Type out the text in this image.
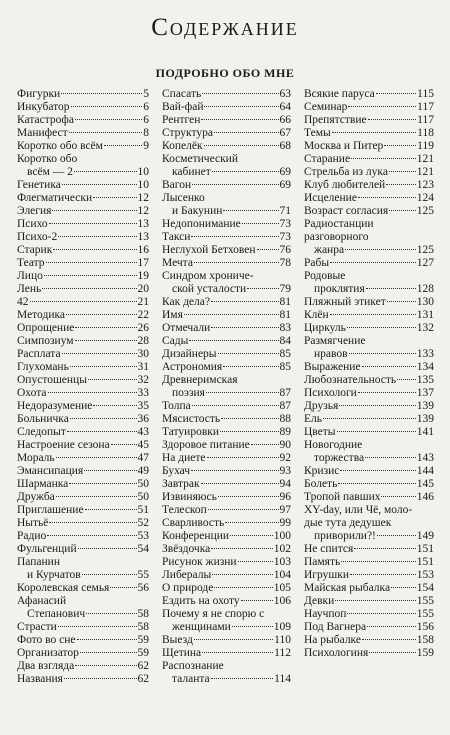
Содержание
ПОДРОБНО ОБО МНЕ
Фигурки	5
Инкубатор	6
Катастрофа	6
Манифест	8
Коротко обо всём	9
Коротко обо
всём — 2	10
Генетика	10
Флегматически	12
Элегия	12
Психо	13
Психо-2	13
Старик	16
Театр	17
Лицо	19
Лень	20
42	21
Методика	22
Опрощение	26
Симпозиум	28
Расплата	30
Глухомань	31
Опустошенцы	32
Охота	33
Недоразумение	35
Больничка	36
Следопыт	43
Настроение сезона 45
Мораль	47
Эмансипация	49
Шарманка	50
Дружба	50
Приглашение	51
Нытьё	52
Радио	53
Фульгенций	54
Папанин
и Курчатов	55
Королевская семья 56
Афанасий
Степанович	58
Страсти	58
Фото во сне	59
Организатор	59
Два взгляда	62
Названия	62
Спасать	63
Вай-фай	64
Рентген	66
Структура	67
Копелёк	68
Косметический
кабинет	69
Вагон	69
Лысенко
и Бакунин	71
Недопонимание	73
Такси	73
Неглухой Бетховен 76
Мечта	78
Синдром хрониче-
ской усталости	79
Как дела?	81
Имя	81
Отмечали	83
Сады	84
Дизайнеры	85
Астрономия	85
Древнеримская
поэзия	87
Толпа	87
Мясистость	88
Татуировки	89
Здоровое питание	90
На диете	92
Бухач	93
Завтрак	94
Извиняюсь	96
Телескоп	97
Сварливость	99
Конференции	100
Звёздочка	102
Рисунок жизни	103
Либералы	104
О природе	105
Ездить на охоту	106
Почему я не спорю с
женщинами	109
Выезд	110
Щетина	112
Распознание
таланта	114
Всякие паруса	115
Семинар	117
Препятствие	117
Темы	118
Москва и Питер	119
Старание	121
Стрельба из лука	121
Клуб любителей	123
Исцеление	124
Возраст согласия 125
Радиостанции
разговорного
жанра	125
Рабы	127
Родовые
проклятия	128
Пляжный этикет	130
Клён	131
Циркуль	132
Размягчение
нравов	133
Выражение	134
Любознательность 135
Психологи	137
Друзья	139
Ель	139
Цветы	141
Новогодние
торжества	143
Кризис	144
Болеть	145
Тропой павших	146
XY-day, или Чё, моло-
дые тута дедушек
приворили?!	149
Не спится	151
Память	151
Игрушки	153
Майская рыбалка 154
Девки	155
Научпоп	155
Под Вагнера	156
На рыбалке	158
Психологиня	159
